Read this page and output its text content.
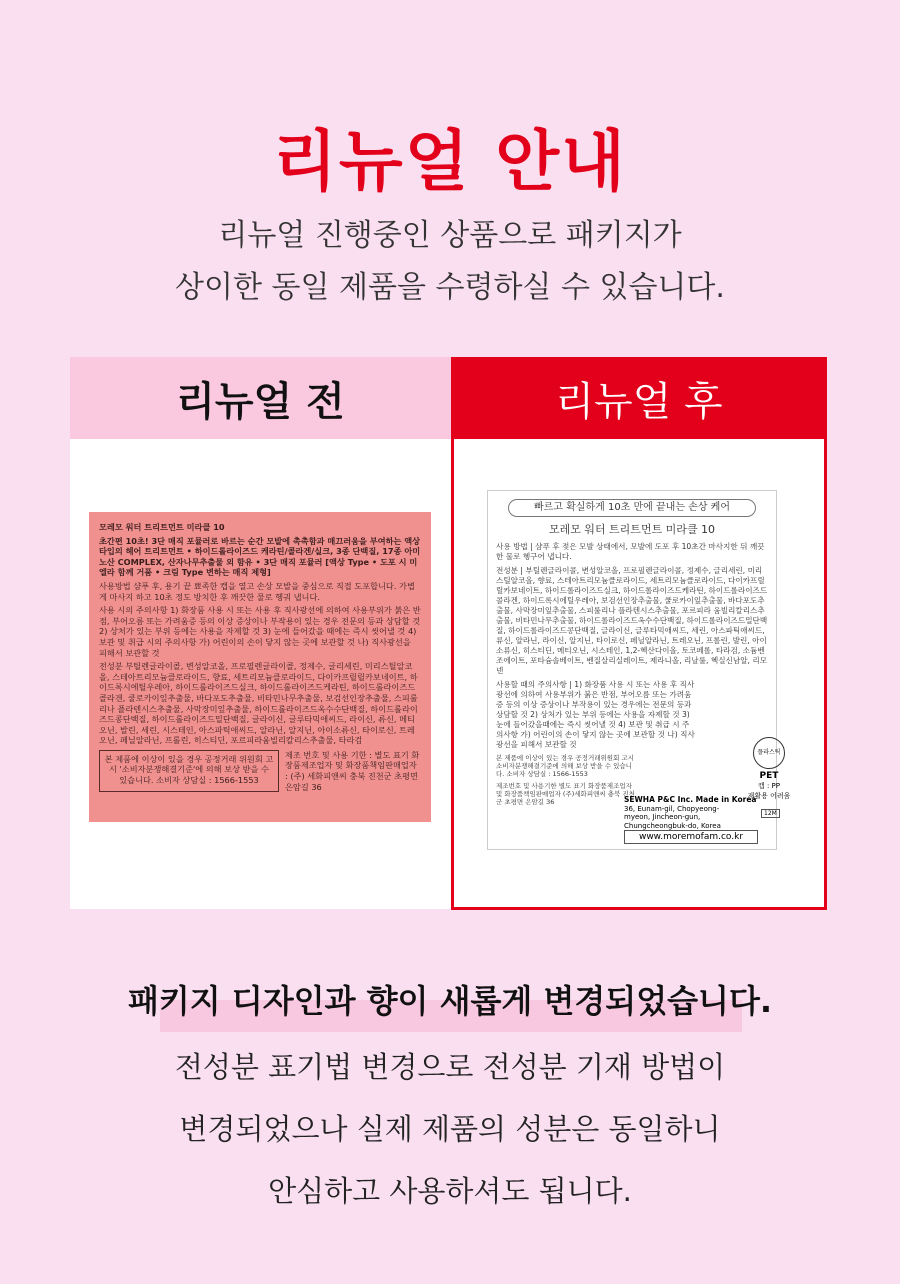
리뉴얼 안내
리뉴얼 진행중인 상품으로 패키지가
상이한 동일 제품을 수령하실 수 있습니다.
리뉴얼 전	리뉴얼 후

모레모 워터 트리트먼트 미라클 10

초간편 10초! 3단 매직 포뮬러로 바르는 순간 모발에 촉촉함과 매끄러움을 부여하는 액상 타입의 헤어 트리트먼트 • 하이드롤라이즈드 케라틴/콜라겐/실크, 3종 단백질, 17종 아미노산 COMPLEX, 산자나무추출물 외 함유 • 3단 매직 포뮬러 [액상 Type • 도포 시 미엘라 함께 거품 • 크림 Type 변하는 매직 제형]

사용방법 샴푸 후, 용기 끝 뾰족한 캡을 열고 손상 모발을 중심으로 직접 도포합니다. 가볍게 마사지 하고 10초 정도 방치한 후 깨끗한 물로 헹궈 냅니다.

사용 시의 주의사항 1) 화장품 사용 시 또는 사용 후 직사광선에 의하여 사용부위가 붉은 반점, 부어오름 또는 가려움증 등의 이상 증상이나 부작용이 있는 경우 전문의 등과 상담할 것 2) 상처가 있는 부위 등에는 사용을 자제할 것 3) 눈에 들어갔을 때에는 즉시 씻어낼 것 4) 보관 및 취급 시의 주의사항 가) 어린이의 손이 닿지 않는 곳에 보관할 것 나) 직사광선을 피해서 보관할 것

전성분 부틸렌글라이콜, 변성알코올, 프로필렌글라이콜, 정제수, 글리세린, 미리스틸알코올, 스테아트리모늄클로라이드, 향료, 세트리모늄클로라이드, 다이카프릴릴카보네이트, 하이드록시에틸우레아, 하이드롤라이즈드실크, 하이드롤라이즈드케라틴, 하이드롤라이즈드콜라겐, 쿨로카이잎추출물, 바다포도추출물, 비타민나무추출물, 보검선인장추출물, 스피룰리나 플라텐시스추출물, 사막장미잎추출물, 하이드롤라이즈드옥수수단백질, 하이드롤라이즈드콩단백질, 하이드롤라이즈드밀단백질, 글라이신, 글루타믹애씨드, 라이신, 류신, 메티오닌, 발린, 세린, 시스테인, 아스파틱애씨드, 알라닌, 알지닌, 아이소류신, 타이로신, 트레오닌, 페닐알라닌, 프롤린, 히스티딘, 포르피라움빌리칼리스추출물, 타라검

본 제품에 이상이 있을 경우 공정거래 위원회 고시 '소비자분쟁해결기준'에 의해 보상 받을 수 있습니다. 소비자 상담실 : 1566-1553
제조 번호 및 사용 기한 : 별도 표기 화장품제조업자 및 화장품책임판매업자 : (주) 세화피앤씨 충북 진천군 초평면 은암길 36
빠르고 확실하게 10초 만에 끝내는 손상 케어
모레모 워터 트리트먼트 미라클 10

사용 방법 | 샴푸 후 젖은 모발 상태에서, 모발에 도포 후 10초간 마사지한 뒤 깨끗한 물로 헹구어 냅니다.

전성분 | 부틸렌글라이콜, 변성알코올, 프로필렌글라이콜, 정제수, 글리세린, 미리스틸알코올, 향료, 스테아트리모늄클로라이드, 세트리모늄클로라이드, 다이카프릴릴카보네이트, 하이드롤라이즈드실크, 하이드롤라이즈드케라틴, 하이드롤라이즈드콜라겐, 하이드록시에틸우레아, 보검선인장추출물, 쿨로카이잎추출물, 바다포도추출물, 사막장미잎추출물, 스피룰리나 플라텐시스추출물, 포르피라 움빌리칼리스추출물, 비타민나무추출물, 하이드롤라이즈드옥수수단백질, 하이드롤라이즈드밀단백질, 하이드롤라이즈드콩단백질, 글라이신, 글루타믹애씨드, 세린, 아스파틱애씨드, 류신, 알라닌, 라이신, 알지닌, 타이로신, 페닐알라닌, 트레오닌, 프롤린, 발린, 아이소류신, 히스티딘, 메티오닌, 시스테인, 1,2-헥산다이올, 토코페롤, 타라검, 소듐벤조에이트, 포타슘솔베이트, 벤질살리실레이트, 제라니올, 리날룰, 헥실신남알, 리모넨

사용할 때의 주의사항 | 1) 화장품 사용 시 또는 사용 후 직사광선에 의하여 사용부위가 붉은 반점, 부어오름 또는 가려움증 등의 이상 증상이나 부작용이 있는 경우에는 전문의 등과 상담할 것 2) 상처가 있는 부위 등에는 사용을 자제할 것 3) 눈에 들어갔을때에는 즉시 씻어낼 것 4) 보관 및 취급 시 주의사항 가) 어린이의 손이 닿지 않는 곳에 보관할 것 나) 직사광선을 피해서 보관할 것

본 제품에 이상이 있는 경우 공정거래위원회 고시 소비자분쟁해결기준에 의해 보상 받을 수 있습니다. 소비자 상담실 : 1566-1553

제조번호 및 사용기한 별도 표기 화장품제조업자 및 화장품책임판매업자 (주)세화피앤씨 충북 진천군 초평면 은암길 36

플라스틱
PET
캡 : PP
재활용 어려움
SEWHA P&C Inc. Made in Korea
36, Eunam-gil, Chopyeong-myeon, Jincheon-gun, Chungcheongbuk-do, Korea
12M
www.moremofam.co.kr
패키지 디자인과 향이 새롭게 변경되었습니다.
전성분 표기법 변경으로 전성분 기재 방법이
변경되었으나 실제 제품의 성분은 동일하니
안심하고 사용하셔도 됩니다.
